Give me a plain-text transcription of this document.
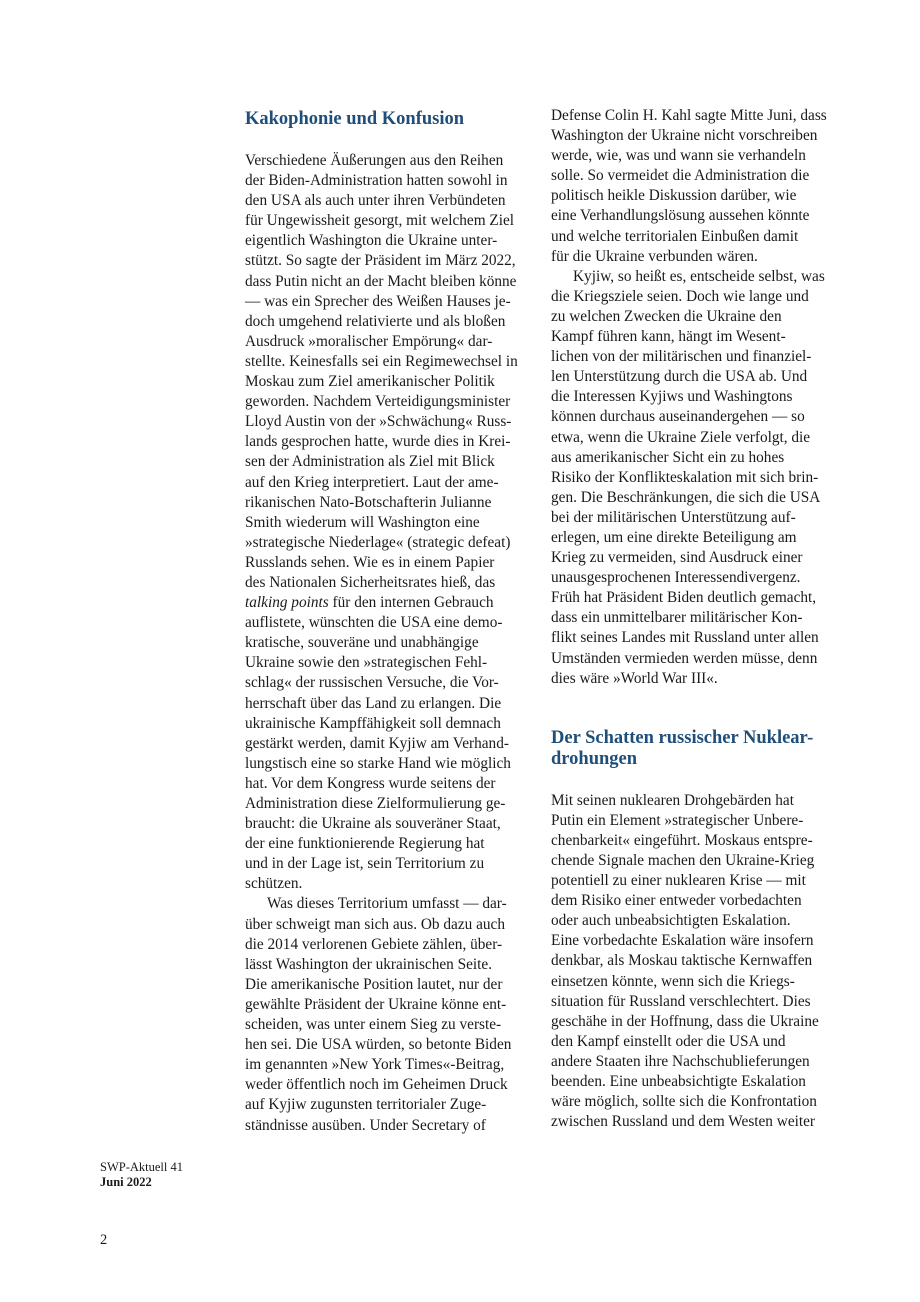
Kakophonie und Konfusion

Verschiedene Äußerungen aus den Reihen
der Biden-Administration hatten sowohl in
den USA als auch unter ihren Verbündeten
für Ungewissheit gesorgt, mit welchem Ziel
eigentlich Washington die Ukraine unter-
stützt. So sagte der Präsident im März 2022,
dass Putin nicht an der Macht bleiben könne
— was ein Sprecher des Weißen Hauses je-
doch umgehend relativierte und als bloßen
Ausdruck »moralischer Empörung« dar-
stellte. Keinesfalls sei ein Regimewechsel in
Moskau zum Ziel amerikanischer Politik
geworden. Nachdem Verteidigungsminister
Lloyd Austin von der »Schwächung« Russ-
lands gesprochen hatte, wurde dies in Krei-
sen der Administration als Ziel mit Blick
auf den Krieg interpretiert. Laut der ame-
rikanischen Nato-Botschafterin Julianne
Smith wiederum will Washington eine
»strategische Niederlage« (strategic defeat)
Russlands sehen. Wie es in einem Papier
des Nationalen Sicherheitsrates hieß, das
talking points für den internen Gebrauch
auflistete, wünschten die USA eine demo-
kratische, souveräne und unabhängige
Ukraine sowie den »strategischen Fehl-
schlag« der russischen Versuche, die Vor-
herrschaft über das Land zu erlangen. Die
ukrainische Kampffähigkeit soll demnach
gestärkt werden, damit Kyjiw am Verhand-
lungstisch eine so starke Hand wie möglich
hat. Vor dem Kongress wurde seitens der
Administration diese Zielformulierung ge-
braucht: die Ukraine als souveräner Staat,
der eine funktionierende Regierung hat
und in der Lage ist, sein Territorium zu
schützen.

Was dieses Territorium umfasst — dar-
über schweigt man sich aus. Ob dazu auch
die 2014 verlorenen Gebiete zählen, über-
lässt Washington der ukrainischen Seite.
Die amerikanische Position lautet, nur der
gewählte Präsident der Ukraine könne ent-
scheiden, was unter einem Sieg zu verste-
hen sei. Die USA würden, so betonte Biden
im genannten »New York Times«-Beitrag,
weder öffentlich noch im Geheimen Druck
auf Kyjiw zugunsten territorialer Zuge-
ständnisse ausüben. Under Secretary of

Defense Colin H. Kahl sagte Mitte Juni, dass
Washington der Ukraine nicht vorschreiben
werde, wie, was und wann sie verhandeln
solle. So vermeidet die Administration die
politisch heikle Diskussion darüber, wie
eine Verhandlungslösung aussehen könnte
und welche territorialen Einbußen damit
für die Ukraine verbunden wären.

Kyjiw, so heißt es, entscheide selbst, was
die Kriegsziele seien. Doch wie lange und
zu welchen Zwecken die Ukraine den
Kampf führen kann, hängt im Wesent-
lichen von der militärischen und finanziel-
len Unterstützung durch die USA ab. Und
die Interessen Kyjiws und Washingtons
können durchaus auseinandergehen — so
etwa, wenn die Ukraine Ziele verfolgt, die
aus amerikanischer Sicht ein zu hohes
Risiko der Konflikteskalation mit sich brin-
gen. Die Beschränkungen, die sich die USA
bei der militärischen Unterstützung auf-
erlegen, um eine direkte Beteiligung am
Krieg zu vermeiden, sind Ausdruck einer
unausgesprochenen Interessendivergenz.
Früh hat Präsident Biden deutlich gemacht,
dass ein unmittelbarer militärischer Kon-
flikt seines Landes mit Russland unter allen
Umständen vermieden werden müsse, denn
dies wäre »World War III«.

Der Schatten russischer Nuklear-
drohungen

Mit seinen nuklearen Drohgebärden hat
Putin ein Element »strategischer Unbere-
chenbarkeit« eingeführt. Moskaus entspre-
chende Signale machen den Ukraine-Krieg
potentiell zu einer nuklearen Krise — mit
dem Risiko einer entweder vorbedachten
oder auch unbeabsichtigten Eskalation.
Eine vorbedachte Eskalation wäre insofern
denkbar, als Moskau taktische Kernwaffen
einsetzen könnte, wenn sich die Kriegs-
situation für Russland verschlechtert. Dies
geschähe in der Hoffnung, dass die Ukraine
den Kampf einstellt oder die USA und
andere Staaten ihre Nachschublieferungen
beenden. Eine unbeabsichtigte Eskalation
wäre möglich, sollte sich die Konfrontation
zwischen Russland und dem Westen weiter

SWP-Aktuell 41
Juni 2022
2
